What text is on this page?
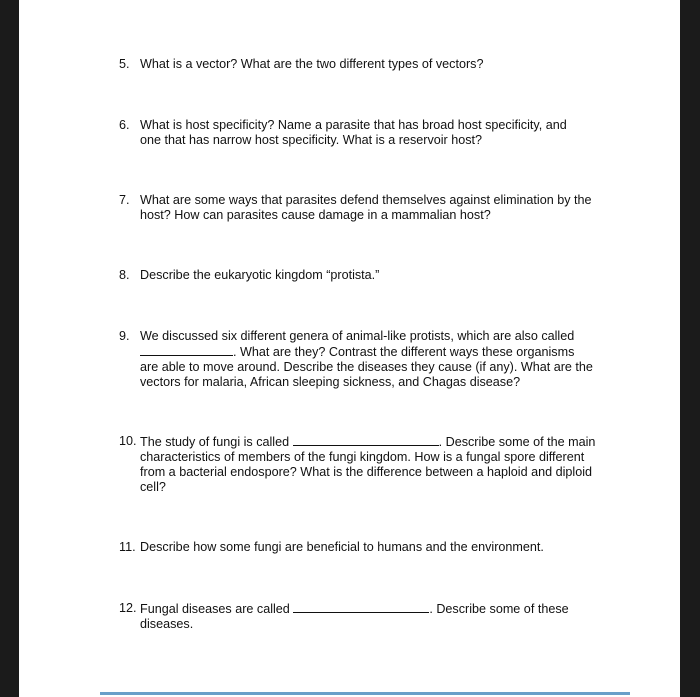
5. What is a vector? What are the two different types of vectors?
6. What is host specificity? Name a parasite that has broad host specificity, and
one that has narrow host specificity. What is a reservoir host?
7. What are some ways that parasites defend themselves against elimination by the
host? How can parasites cause damage in a mammalian host?
8. Describe the eukaryotic kingdom “protista.”
9. We discussed six different genera of animal-like protists, which are also called
. What are they? Contrast the different ways these organisms
are able to move around. Describe the diseases they cause (if any). What are the
vectors for malaria, African sleeping sickness, and Chagas disease?
10. The study of fungi is called	. Describe some of the main
characteristics of members of the fungi kingdom. How is a fungal spore different
from a bacterial endospore? What is the difference between a haploid and diploid
cell?
11. Describe how some fungi are beneficial to humans and the environment.
12. Fungal diseases are called	. Describe some of these
diseases.
